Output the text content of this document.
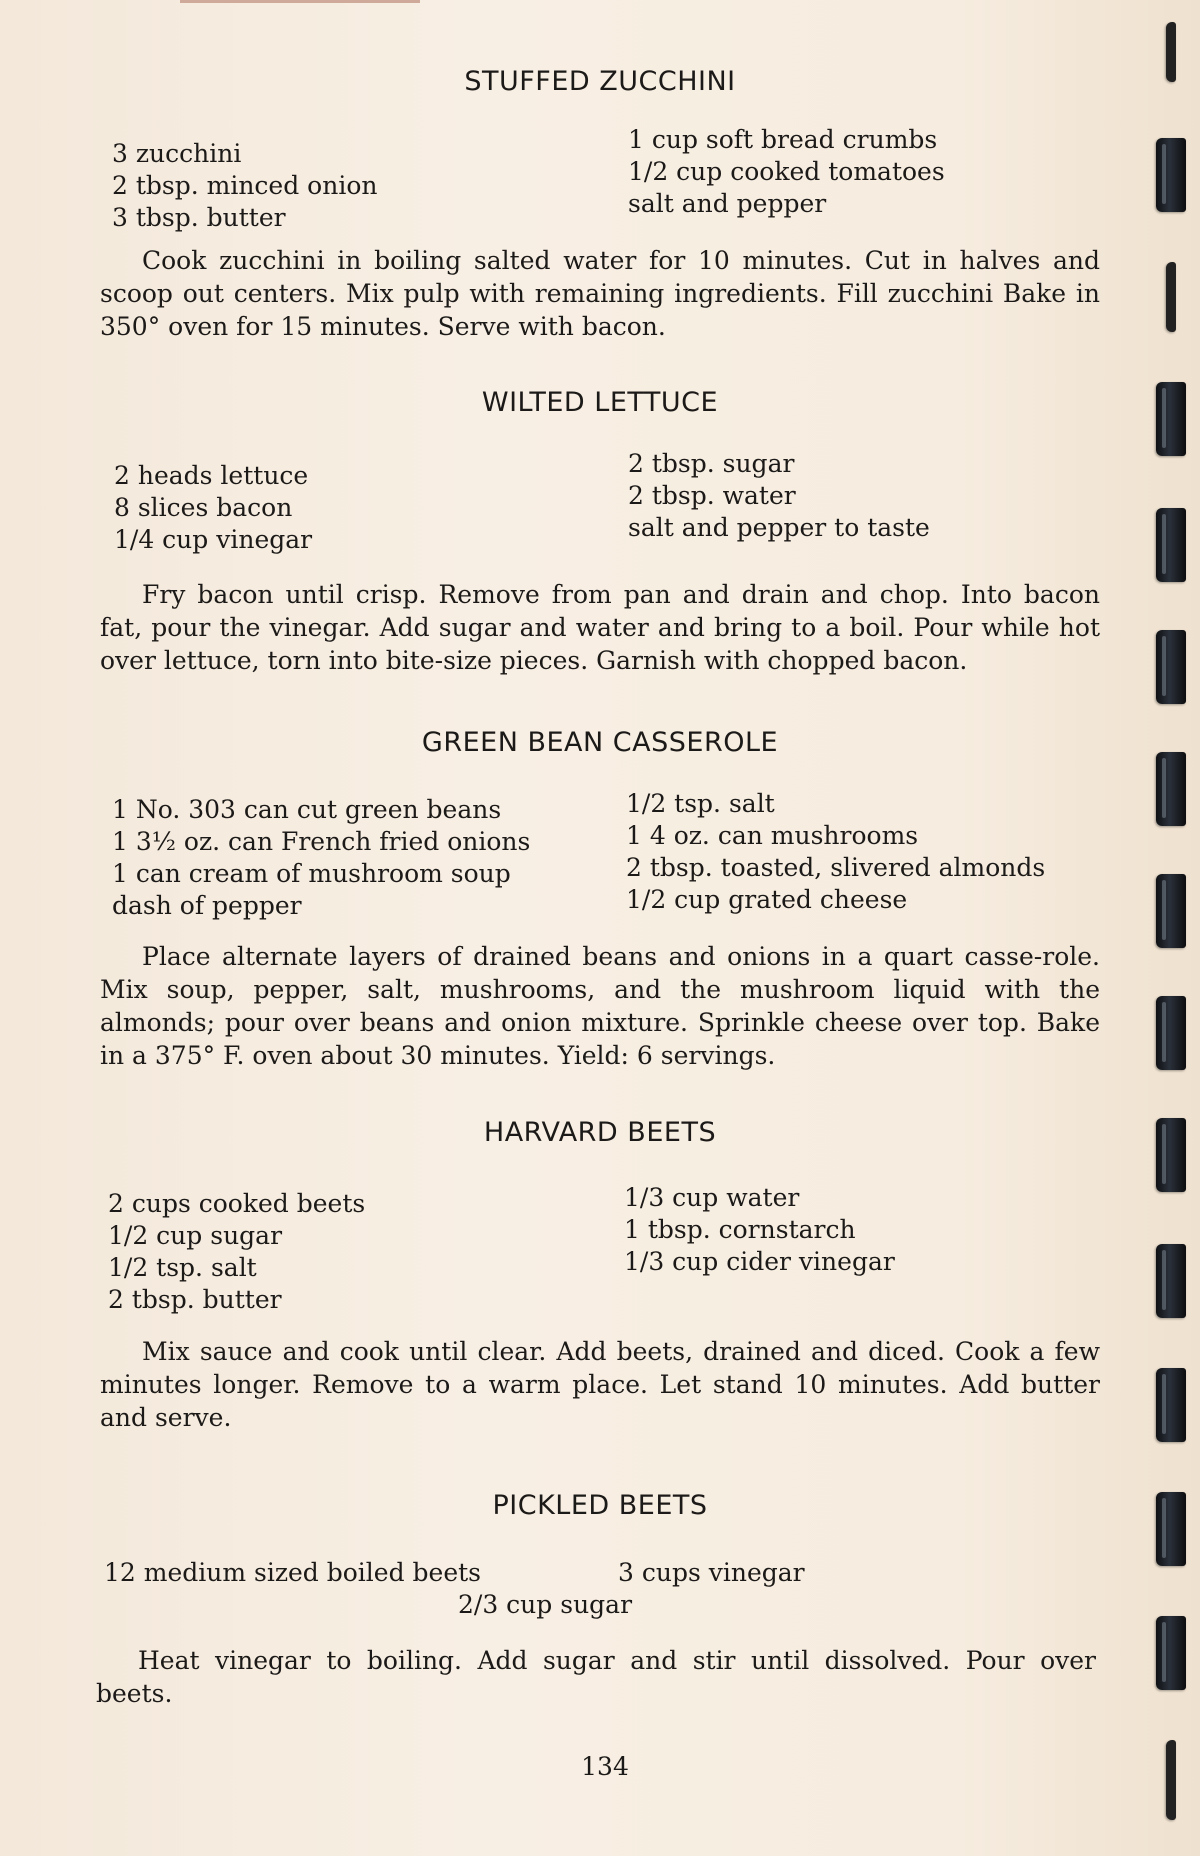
STUFFED ZUCCHINI
3 zucchini
2 tbsp. minced onion
3 tbsp. butter
1 cup soft bread crumbs
1/2 cup cooked tomatoes
salt and pepper
Cook zucchini in boiling salted water for 10 minutes. Cut in halves and scoop out centers. Mix pulp with remaining ingredients. Fill zucchini Bake in 350° oven for 15 minutes. Serve with bacon.
WILTED LETTUCE
2 heads lettuce
8 slices bacon
1/4 cup vinegar
2 tbsp. sugar
2 tbsp. water
salt and pepper to taste
Fry bacon until crisp. Remove from pan and drain and chop. Into bacon fat, pour the vinegar. Add sugar and water and bring to a boil. Pour while hot over lettuce, torn into bite-size pieces. Garnish with chopped bacon.
GREEN BEAN CASSEROLE
1 No. 303 can cut green beans
1 3½ oz. can French fried onions
1 can cream of mushroom soup
dash of pepper
1/2 tsp. salt
1 4 oz. can mushrooms
2 tbsp. toasted, slivered almonds
1/2 cup grated cheese
Place alternate layers of drained beans and onions in a quart casse-role. Mix soup, pepper, salt, mushrooms, and the mushroom liquid with the almonds; pour over beans and onion mixture. Sprinkle cheese over top. Bake in a 375° F. oven about 30 minutes. Yield: 6 servings.
HARVARD BEETS
2 cups cooked beets
1/2 cup sugar
1/2 tsp. salt
2 tbsp. butter
1/3 cup water
1 tbsp. cornstarch
1/3 cup cider vinegar
Mix sauce and cook until clear. Add beets, drained and diced. Cook a few minutes longer. Remove to a warm place. Let stand 10 minutes. Add butter and serve.
PICKLED BEETS
12 medium sized boiled beets	3 cups vinegar
2/3 cup sugar
Heat vinegar to boiling. Add sugar and stir until dissolved. Pour over beets.
134
